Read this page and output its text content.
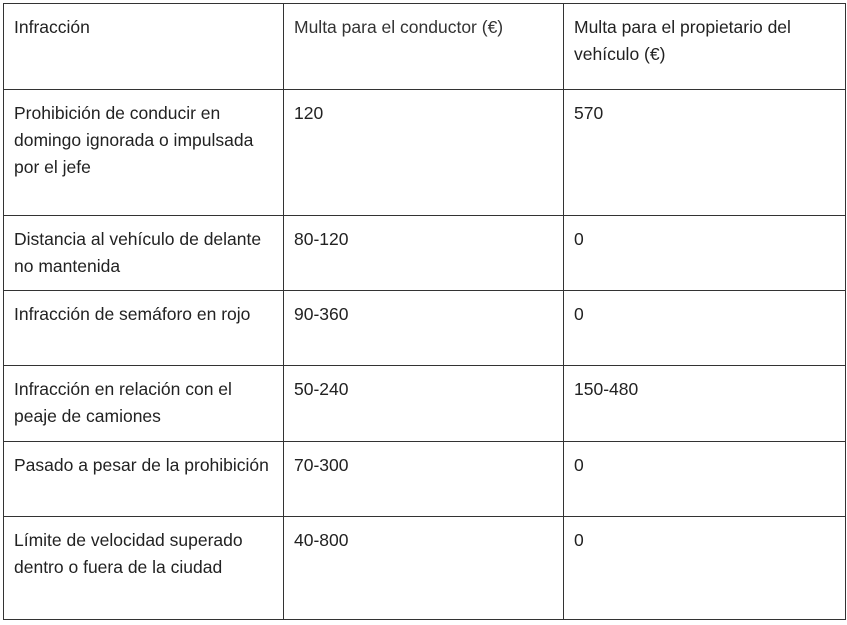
Infracción	Multa para el conductor (€)	Multa para el propietario del vehículo (€)
Prohibición de conducir en domingo ignorada o impulsada por el jefe	120	570
Distancia al vehículo de delante no mantenida	80-120	0
Infracción de semáforo en rojo	90-360	0
Infracción en relación con el peaje de camiones	50-240	150-480
Pasado a pesar de la prohibición	70-300	0
Límite de velocidad superado dentro o fuera de la ciudad	40-800	0
